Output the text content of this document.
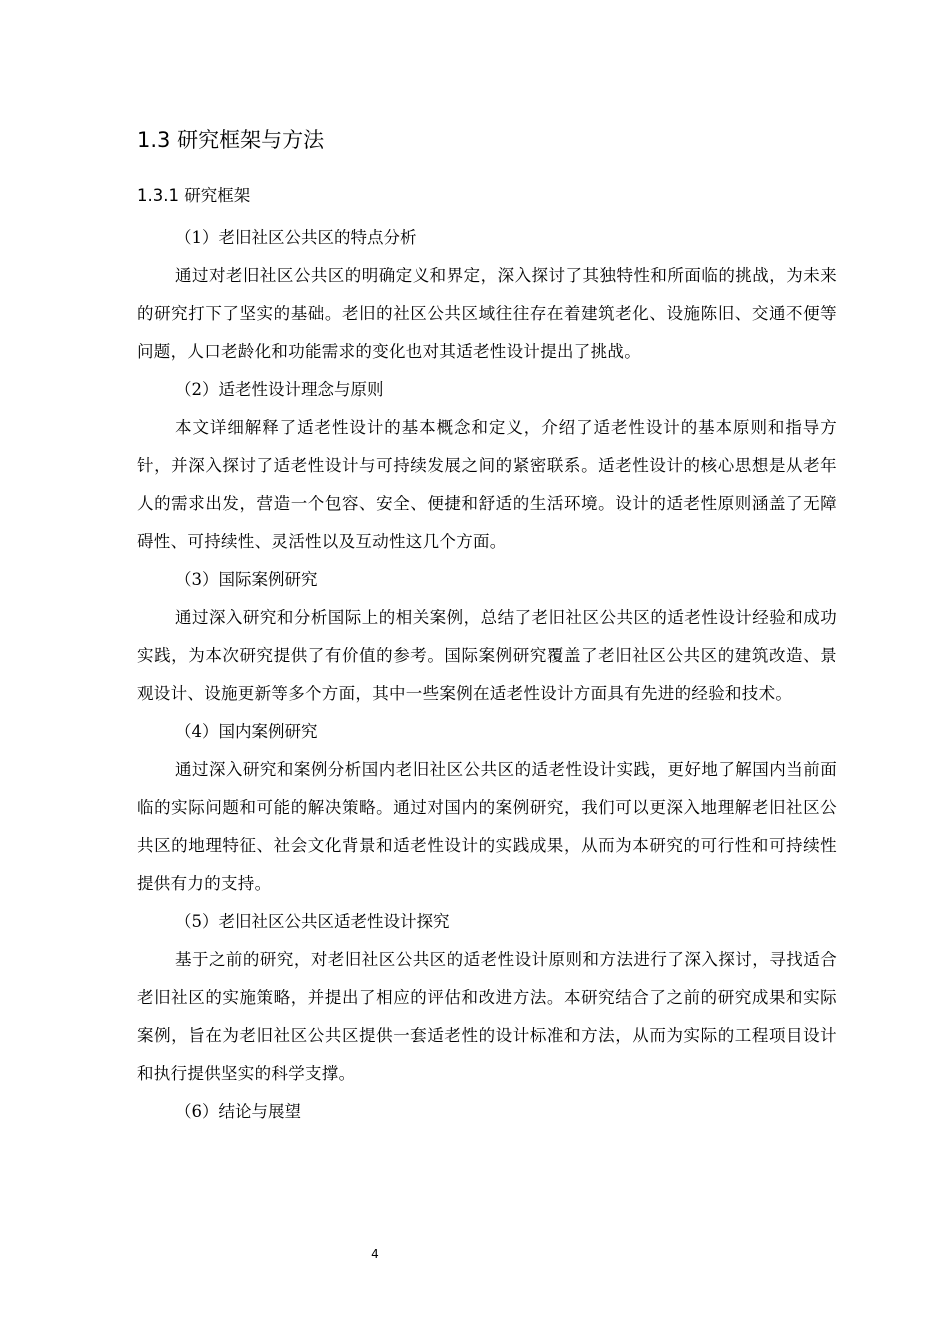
1.3 研究框架与方法
1.3.1 研究框架

（1）老旧社区公共区的特点分析

通过对老旧社区公共区的明确定义和界定，深入探讨了其独特性和所面临的挑战，为未来的研究打下了坚实的基础。老旧的社区公共区域往往存在着建筑老化、设施陈旧、交通不便等问题，人口老龄化和功能需求的变化也对其适老性设计提出了挑战。

（2）适老性设计理念与原则

本文详细解释了适老性设计的基本概念和定义，介绍了适老性设计的基本原则和指导方针，并深入探讨了适老性设计与可持续发展之间的紧密联系。适老性设计的核心思想是从老年人的需求出发，营造一个包容、安全、便捷和舒适的生活环境。设计的适老性原则涵盖了无障碍性、可持续性、灵活性以及互动性这几个方面。

（3）国际案例研究

通过深入研究和分析国际上的相关案例，总结了老旧社区公共区的适老性设计经验和成功实践，为本次研究提供了有价值的参考。国际案例研究覆盖了老旧社区公共区的建筑改造、景观设计、设施更新等多个方面，其中一些案例在适老性设计方面具有先进的经验和技术。

（4）国内案例研究

通过深入研究和案例分析国内老旧社区公共区的适老性设计实践，更好地了解国内当前面临的实际问题和可能的解决策略。通过对国内的案例研究，我们可以更深入地理解老旧社区公共区的地理特征、社会文化背景和适老性设计的实践成果，从而为本研究的可行性和可持续性提供有力的支持。

（5）老旧社区公共区适老性设计探究

基于之前的研究，对老旧社区公共区的适老性设计原则和方法进行了深入探讨，寻找适合老旧社区的实施策略，并提出了相应的评估和改进方法。本研究结合了之前的研究成果和实际案例，旨在为老旧社区公共区提供一套适老性的设计标准和方法，从而为实际的工程项目设计和执行提供坚实的科学支撑。

（6）结论与展望

4
